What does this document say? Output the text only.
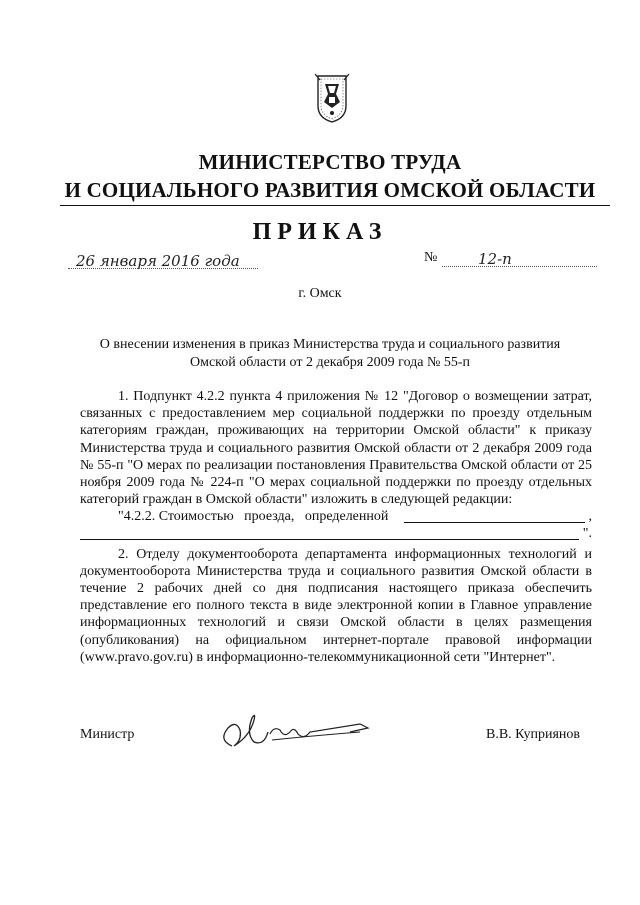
МИНИСТЕРСТВО ТРУДА
И СОЦИАЛЬНОГО РАЗВИТИЯ ОМСКОЙ ОБЛАСТИ
ПРИКАЗ
26 января 2016 года	№	12-п
г. Омск
О внесении изменения в приказ Министерства труда и социального развития
Омской области от 2 декабря 2009 года № 55-п

1. Подпункт 4.2.2 пункта 4 приложения № 12 "Договор о возмещении затрат, связанных с предоставлением мер социальной поддержки по проезду отдельным категориям граждан, проживающих на территории Омской области" к приказу Министерства труда и социального развития Омской области от 2 декабря 2009 года № 55-п "О мерах по реализации постановления Правительства Омской области от 25 ноября 2009 года № 224-п "О мерах социальной поддержки по проезду отдельных категорий граждан в Омской области" изложить в следующей редакции:

"4.2.2. Стоимостью   проезда,   определенной	,
".

2. Отделу документооборота департамента информационных технологий и документооборота Министерства труда и социального развития Омской области в течение 2 рабочих дней со дня подписания настоящего приказа обеспечить представление его полного текста в виде электронной копии в Главное управление информационных технологий и связи Омской области в целях размещения (опубликования) на официальном интернет-портале правовой информации (www.pravo.gov.ru) в информационно-телекоммуникационной сети "Интернет".

Министр	В.В. Куприянов
